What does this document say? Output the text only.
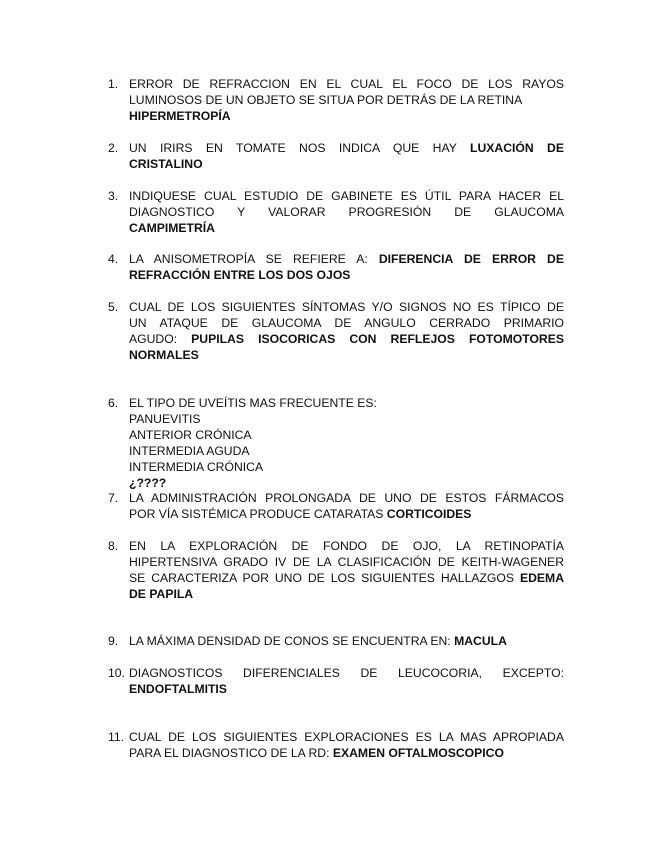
1. ERROR DE REFRACCION EN EL CUAL EL FOCO DE LOS RAYOS
LUMINOSOS DE UN OBJETO SE SITUA POR DETRÁS DE LA RETINA
HIPERMETROPÍA
2. UN IRIRS EN TOMATE NOS INDICA QUE HAY LUXACIÓN DE
CRISTALINO
3. INDIQUESE CUAL ESTUDIO DE GABINETE ES ÚTIL PARA HACER EL
DIAGNOSTICO Y VALORAR PROGRESIÓN DE GLAUCOMA
CAMPIMETRÍA
4. LA ANISOMETROPÍA SE REFIERE A: DIFERENCIA DE ERROR DE
REFRACCIÓN ENTRE LOS DOS OJOS
5. CUAL DE LOS SIGUIENTES SÍNTOMAS Y/O SIGNOS NO ES TÍPICO DE
UN ATAQUE DE GLAUCOMA DE ANGULO CERRADO PRIMARIO
AGUDO: PUPILAS ISOCORICAS CON REFLEJOS FOTOMOTORES
NORMALES
6. EL TIPO DE UVEÍTIS MAS FRECUENTE ES:
PANUEVITIS
ANTERIOR CRÓNICA
INTERMEDIA AGUDA
INTERMEDIA CRÓNICA
¿????
7. LA ADMINISTRACIÓN PROLONGADA DE UNO DE ESTOS FÁRMACOS
POR VÍA SISTÉMICA PRODUCE CATARATAS CORTICOIDES
8. EN LA EXPLORACIÓN DE FONDO DE OJO, LA RETINOPATÍA
HIPERTENSIVA GRADO IV DE LA CLASIFICACIÓN DE KEITH-WAGENER
SE CARACTERIZA POR UNO DE LOS SIGUIENTES HALLAZGOS EDEMA
DE PAPILA
9. LA MÁXIMA DENSIDAD DE CONOS SE ENCUENTRA EN: MACULA
10. DIAGNOSTICOS DIFERENCIALES DE LEUCOCORIA, EXCEPTO:
ENDOFTALMITIS
11. CUAL DE LOS SIGUIENTES EXPLORACIONES ES LA MAS APROPIADA
PARA EL DIAGNOSTICO DE LA RD: EXAMEN OFTALMOSCOPICO
